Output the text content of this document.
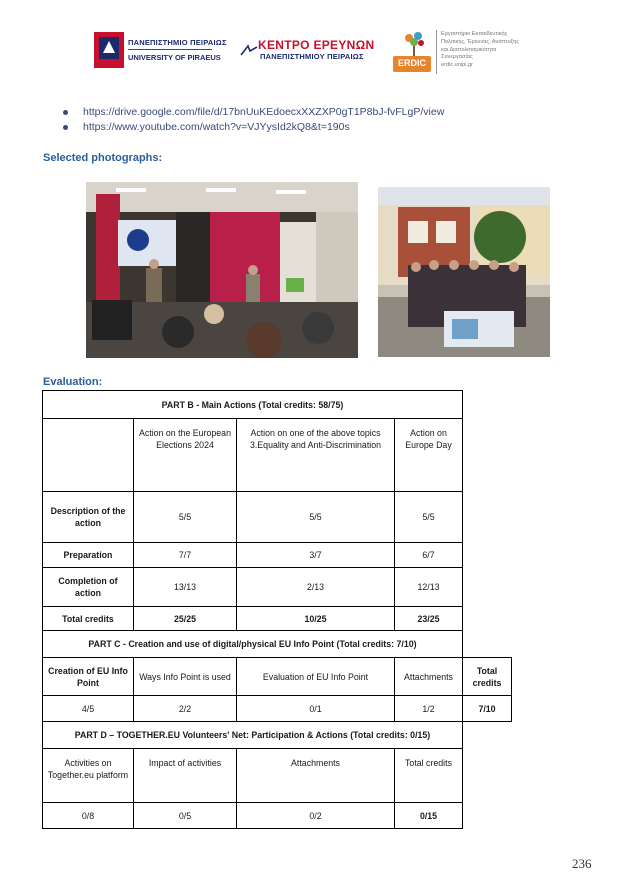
ΠΑΝΕΠΙΣΤΗΜΙΟ ΠΕΙΡΑΙΩΣ
UNIVERSITY OF PIRAEUS
ΚΕΝΤΡΟ ΕΡΕΥΝΩΝ
ΠΑΝΕΠΙΣΤΗΜΙΟΥ ΠΕΙΡΑΙΩΣ
ERDIC
Εργαστήριο Εκπαιδευτικής
Πολιτικής, Έρευνας, Ανάπτυξης
και Διαπολιτισμικότητα
Συνεργασίας
erdic.unipi.gr
https://drive.google.com/file/d/17bnUuKEdoecxXXZXP0gT1P8bJ-fvFLgP/view
https://www.youtube.com/watch?v=VJYysId2kQ8&t=190s
Selected photographs:
Evaluation:
PART B - Main Actions (Total credits: 58/75)				
	Action on the European Elections 2024	Action on one of the above topics
3.Equality and Anti-Discrimination	Action on Europe Day	
Description of the action	5/5	5/5	5/5	
Preparation	7/7	3/7	6/7	
Completion of action	13/13	2/13	12/13	
Total credits	25/25	10/25	23/25	
PART C - Creation and use of digital/physical EU Info Point (Total credits: 7/10)				
Creation of EU Info Point	Ways Info Point is used	Evaluation of EU Info Point	Attachments	Total credits
4/5	2/2	0/1	1/2	7/10
PART D – TOGETHER.EU Volunteers' Net: Participation & Actions (Total credits: 0/15)				
Activities on Together.eu platform	Impact of activities	Attachments	Total credits	
0/8	0/5	0/2	0/15	
236
